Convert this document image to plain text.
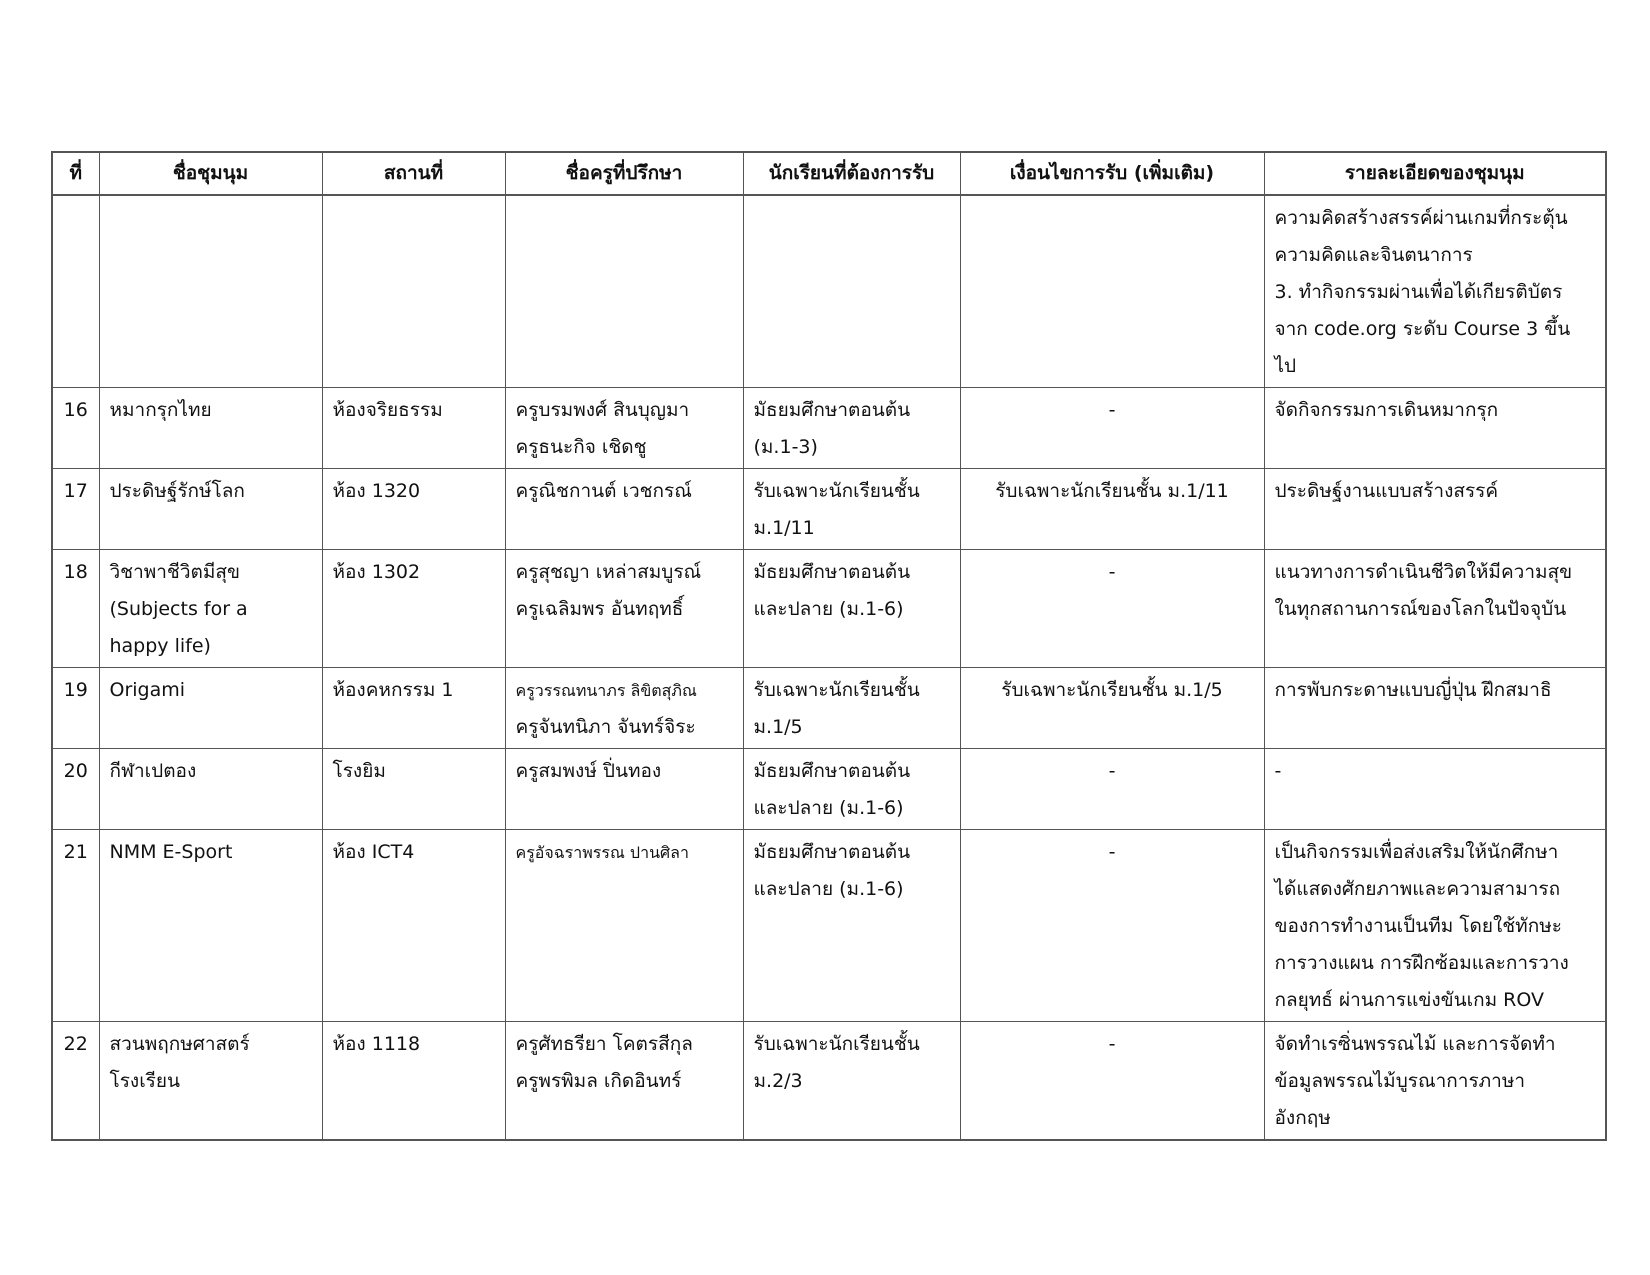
ที่	ชื่อชุมนุม	สถานที่	ชื่อครูที่ปรึกษา	นักเรียนที่ต้องการรับ	เงื่อนไขการรับ (เพิ่มเติม)	รายละเอียดของชุมนุม

						ความคิดสร้างสรรค์ผ่านเกมที่กระตุ้น
ความคิดและจินตนาการ
3. ทำกิจกรรมผ่านเพื่อได้เกียรติบัตร
จาก code.org ระดับ Course 3 ขึ้น
ไป

16	หมากรุกไทย	ห้องจริยธรรม	ครูบรมพงศ์ สินบุญมา
ครูธนะกิจ เชิดชู	มัธยมศึกษาตอนต้น
(ม.1-3)	-	จัดกิจกรรมการเดินหมากรุก

17	ประดิษฐ์รักษ์โลก	ห้อง 1320	ครูณิชกานต์ เวชกรณ์	รับเฉพาะนักเรียนชั้น
ม.1/11	รับเฉพาะนักเรียนชั้น ม.1/11	ประดิษฐ์งานแบบสร้างสรรค์

18	วิชาพาชีวิตมีสุข
(Subjects for a
happy life)	ห้อง 1302	ครูสุชญา เหล่าสมบูรณ์
ครูเฉลิมพร อันทฤทธิ์	มัธยมศึกษาตอนต้น
และปลาย (ม.1-6)	-	แนวทางการดำเนินชีวิตให้มีความสุข
ในทุกสถานการณ์ของโลกในปัจจุบัน

19	Origami	ห้องคหกรรม 1	ครูวรรณทนาภร ลิขิตสุภิณ
ครูจันทนิภา จันทร์จิระ	รับเฉพาะนักเรียนชั้น
ม.1/5	รับเฉพาะนักเรียนชั้น ม.1/5	การพับกระดาษแบบญี่ปุ่น ฝึกสมาธิ

20	กีฬาเปตอง	โรงยิม	ครูสมพงษ์ ปิ่นทอง	มัธยมศึกษาตอนต้น
และปลาย (ม.1-6)	-	-

21	NMM E-Sport	ห้อง ICT4	ครูอัจฉราพรรณ ปานศิลา	มัธยมศึกษาตอนต้น
และปลาย (ม.1-6)	-	เป็นกิจกรรมเพื่อส่งเสริมให้นักศึกษา
ได้แสดงศักยภาพและความสามารถ
ของการทำงานเป็นทีม โดยใช้ทักษะ
การวางแผน การฝึกซ้อมและการวาง
กลยุทธ์ ผ่านการแข่งขันเกม ROV

22	สวนพฤกษศาสตร์
โรงเรียน	ห้อง 1118	ครูศัทธรียา โคตรสีกุล
ครูพรพิมล เกิดอินทร์	รับเฉพาะนักเรียนชั้น
ม.2/3	-	จัดทำเรซิ่นพรรณไม้ และการจัดทำ
ข้อมูลพรรณไม้บูรณาการภาษา
อังกฤษ
